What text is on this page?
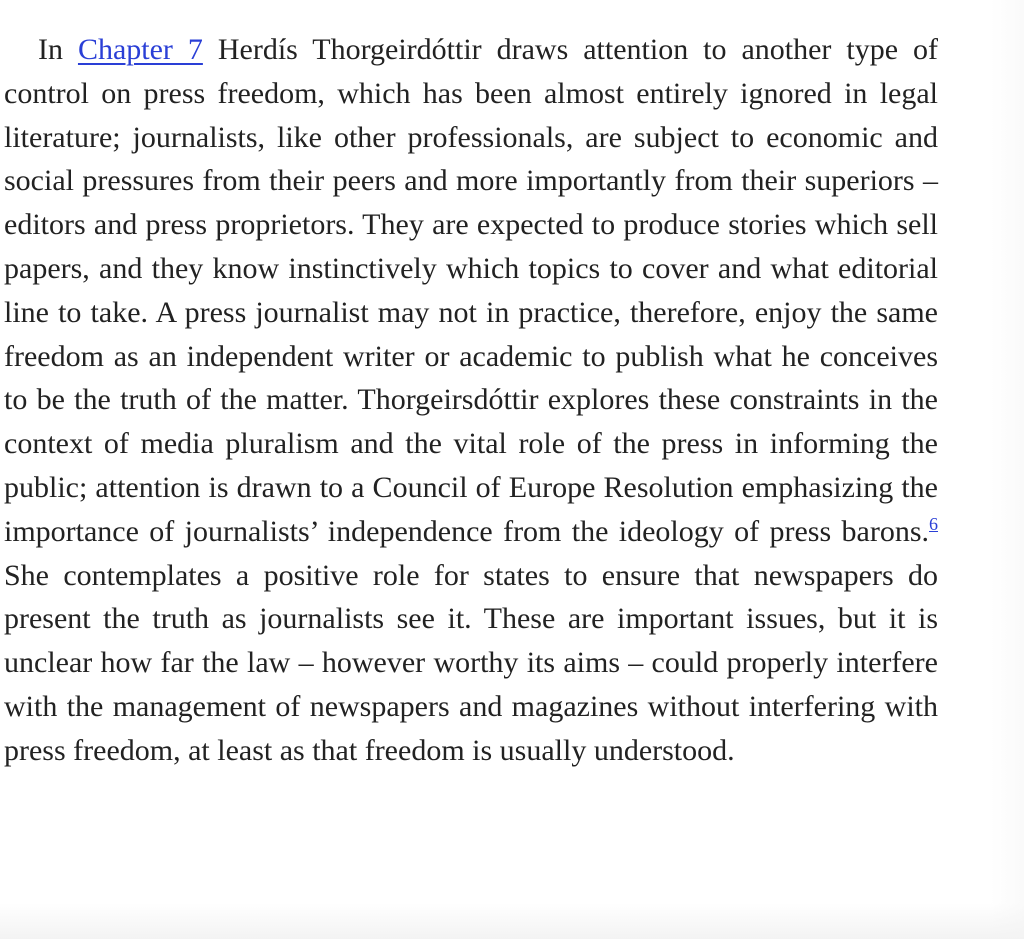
In Chapter 7 Herdís Thorgeirdóttir draws attention to another type of control on press freedom, which has been almost entirely ignored in legal literature; journalists, like other professionals, are subject to economic and social pressures from their peers and more importantly from their superiors – editors and press proprietors. They are expected to produce stories which sell papers, and they know instinctively which topics to cover and what editorial line to take. A press journalist may not in practice, therefore, enjoy the same freedom as an independent writer or academic to publish what he conceives to be the truth of the matter. Thorgeirsdóttir explores these constraints in the context of media pluralism and the vital role of the press in informing the public; attention is drawn to a Council of Europe Resolution emphasizing the importance of journalists’ independence from the ideology of press barons.$^6$ She contemplates a positive role for states to ensure that newspapers do present the truth as journalists see it. These are important issues, but it is unclear how far the law – however worthy its aims – could properly interfere with the management of newspapers and magazines without interfering with press freedom, at least as that freedom is usually understood.
